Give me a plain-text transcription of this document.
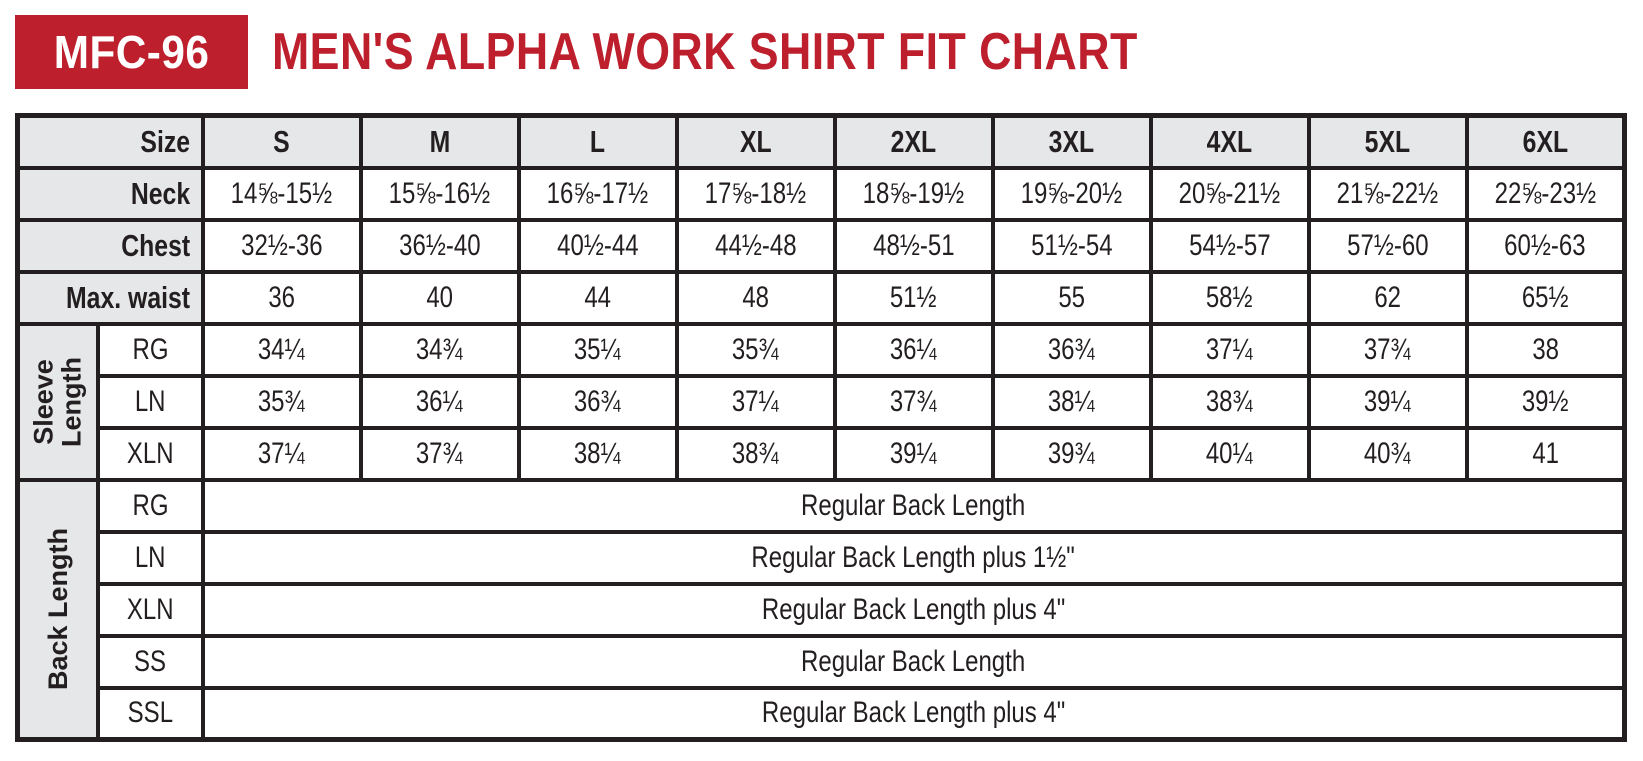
MFC-96 MEN'S ALPHA WORK SHIRT FIT CHART
Size		S	M	L	XL	2XL	3XL	4XL	5XL	6XL
Neck		14⅝-15½	15⅝-16½	16⅝-17½	17⅝-18½	18⅝-19½	19⅝-20½	20⅝-21½	21⅝-22½	22⅝-23½
Chest		32½-36	36½-40	40½-44	44½-48	48½-51	51½-54	54½-57	57½-60	60½-63
Max. waist		36	40	44	48	51½	55	58½	62	65½

Sleeve Length	RG	34¼	34¾	35¼	35¾	36¼	36¾	37¼	37¾	38
	LN	35¾	36¼	36¾	37¼	37¾	38¼	38¾	39¼	39½
	XLN	37¼	37¾	38¼	38¾	39¼	39¾	40¼	40¾	41

Back Length	RG	Regular Back Length								
	LN	Regular Back Length plus 1½"								
	XLN	Regular Back Length plus 4"								
	SS	Regular Back Length								
	SSL	Regular Back Length plus 4"								
